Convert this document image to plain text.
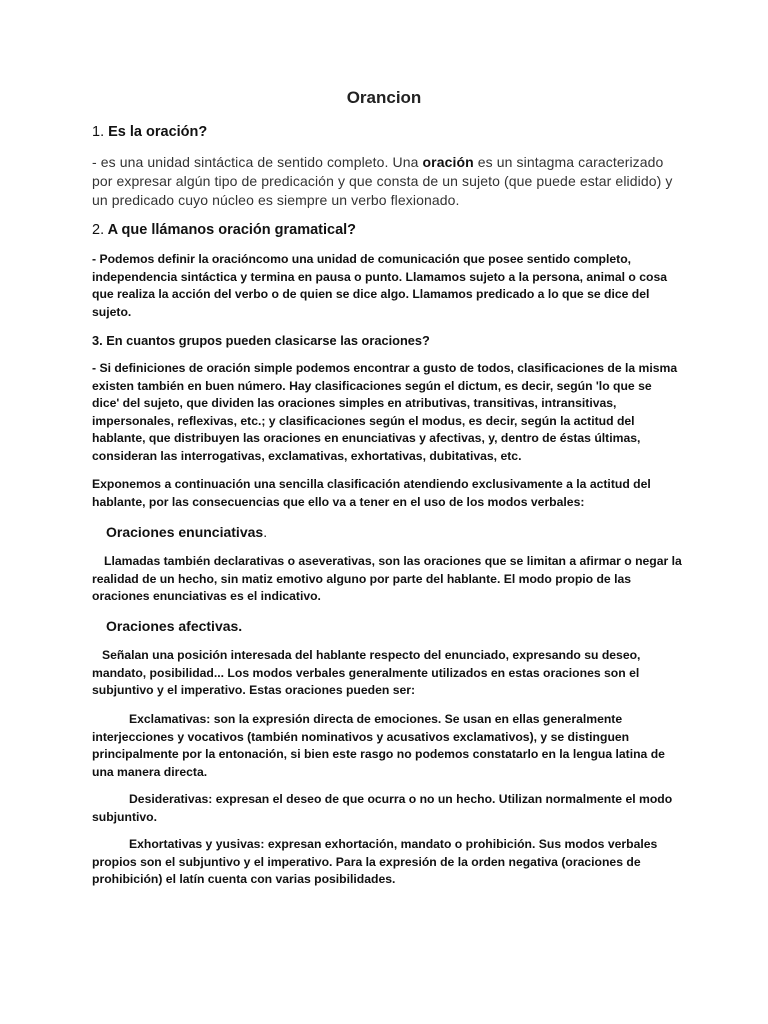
Orancion
1. Es la oración?

- es una unidad sintáctica de sentido completo. Una oración es un sintagma caracterizado por expresar algún tipo de predicación y que consta de un sujeto (que puede estar elidido) y un predicado cuyo núcleo es siempre un verbo flexionado.

2. A que llámanos oración gramatical?

- Podemos definir la oracióncomo una unidad de comunicación que posee sentido completo, independencia sintáctica y termina en pausa o punto. Llamamos sujeto a la persona, animal o cosa que realiza la acción del verbo o de quien se dice algo. Llamamos predicado a lo que se dice del sujeto.

3. En cuantos grupos pueden clasicarse las oraciones?

- Si definiciones de oración simple podemos encontrar a gusto de todos, clasificaciones de la misma existen también en buen número. Hay clasificaciones según el dictum, es decir, según 'lo que se dice' del sujeto, que dividen las oraciones simples en atributivas, transitivas, intransitivas, impersonales, reflexivas, etc.; y clasificaciones según el modus, es decir, según la actitud del hablante, que distribuyen las oraciones en enunciativas y afectivas, y, dentro de éstas últimas, consideran las interrogativas, exclamativas, exhortativas, dubitativas, etc.

Exponemos a continuación una sencilla clasificación atendiendo exclusivamente a la actitud del hablante, por las consecuencias que ello va a tener en el uso de los modos verbales:

Oraciones enunciativas.

Llamadas también declarativas o aseverativas, son las oraciones que se limitan a afirmar o negar la realidad de un hecho, sin matiz emotivo alguno por parte del hablante. El modo propio de las oraciones enunciativas es el indicativo.

Oraciones afectivas.

Señalan una posición interesada del hablante respecto del enunciado, expresando su deseo, mandato, posibilidad... Los modos verbales generalmente utilizados en estas oraciones son el subjuntivo y el imperativo. Estas oraciones pueden ser:

Exclamativas: son la expresión directa de emociones. Se usan en ellas generalmente interjecciones y vocativos (también nominativos y acusativos exclamativos), y se distinguen principalmente por la entonación, si bien este rasgo no podemos constatarlo en la lengua latina de una manera directa.

Desiderativas: expresan el deseo de que ocurra o no un hecho. Utilizan normalmente el modo subjuntivo.

Exhortativas y yusivas: expresan exhortación, mandato o prohibición. Sus modos verbales propios son el subjuntivo y el imperativo. Para la expresión de la orden negativa (oraciones de prohibición) el latín cuenta con varias posibilidades.
